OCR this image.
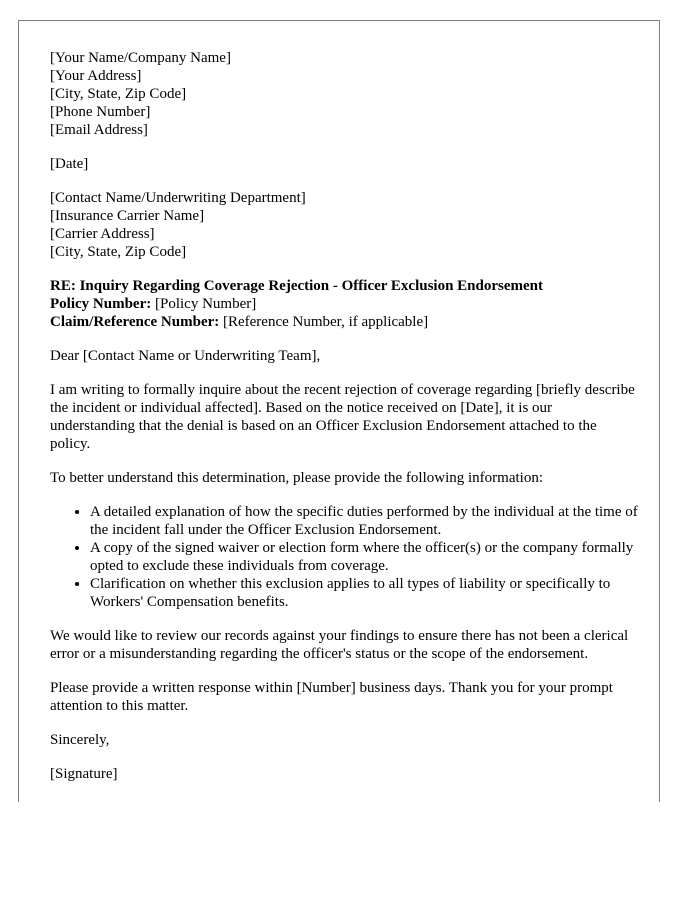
[Your Name/Company Name]
[Your Address]
[City, State, Zip Code]
[Phone Number]
[Email Address]
[Date]
[Contact Name/Underwriting Department]
[Insurance Carrier Name]
[Carrier Address]
[City, State, Zip Code]
RE: Inquiry Regarding Coverage Rejection - Officer Exclusion Endorsement
Policy Number: [Policy Number]
Claim/Reference Number: [Reference Number, if applicable]

Dear [Contact Name or Underwriting Team],

I am writing to formally inquire about the recent rejection of coverage regarding [briefly describe the incident or individual affected]. Based on the notice received on [Date], it is our understanding that the denial is based on an Officer Exclusion Endorsement attached to the policy.

To better understand this determination, please provide the following information:

• A detailed explanation of how the specific duties performed by the individual at the time of the incident fall under the Officer Exclusion Endorsement.
• A copy of the signed waiver or election form where the officer(s) or the company formally opted to exclude these individuals from coverage.
• Clarification on whether this exclusion applies to all types of liability or specifically to Workers' Compensation benefits.

We would like to review our records against your findings to ensure there has not been a clerical error or a misunderstanding regarding the officer's status or the scope of the endorsement.

Please provide a written response within [Number] business days. Thank you for your prompt attention to this matter.

Sincerely,

[Signature]
